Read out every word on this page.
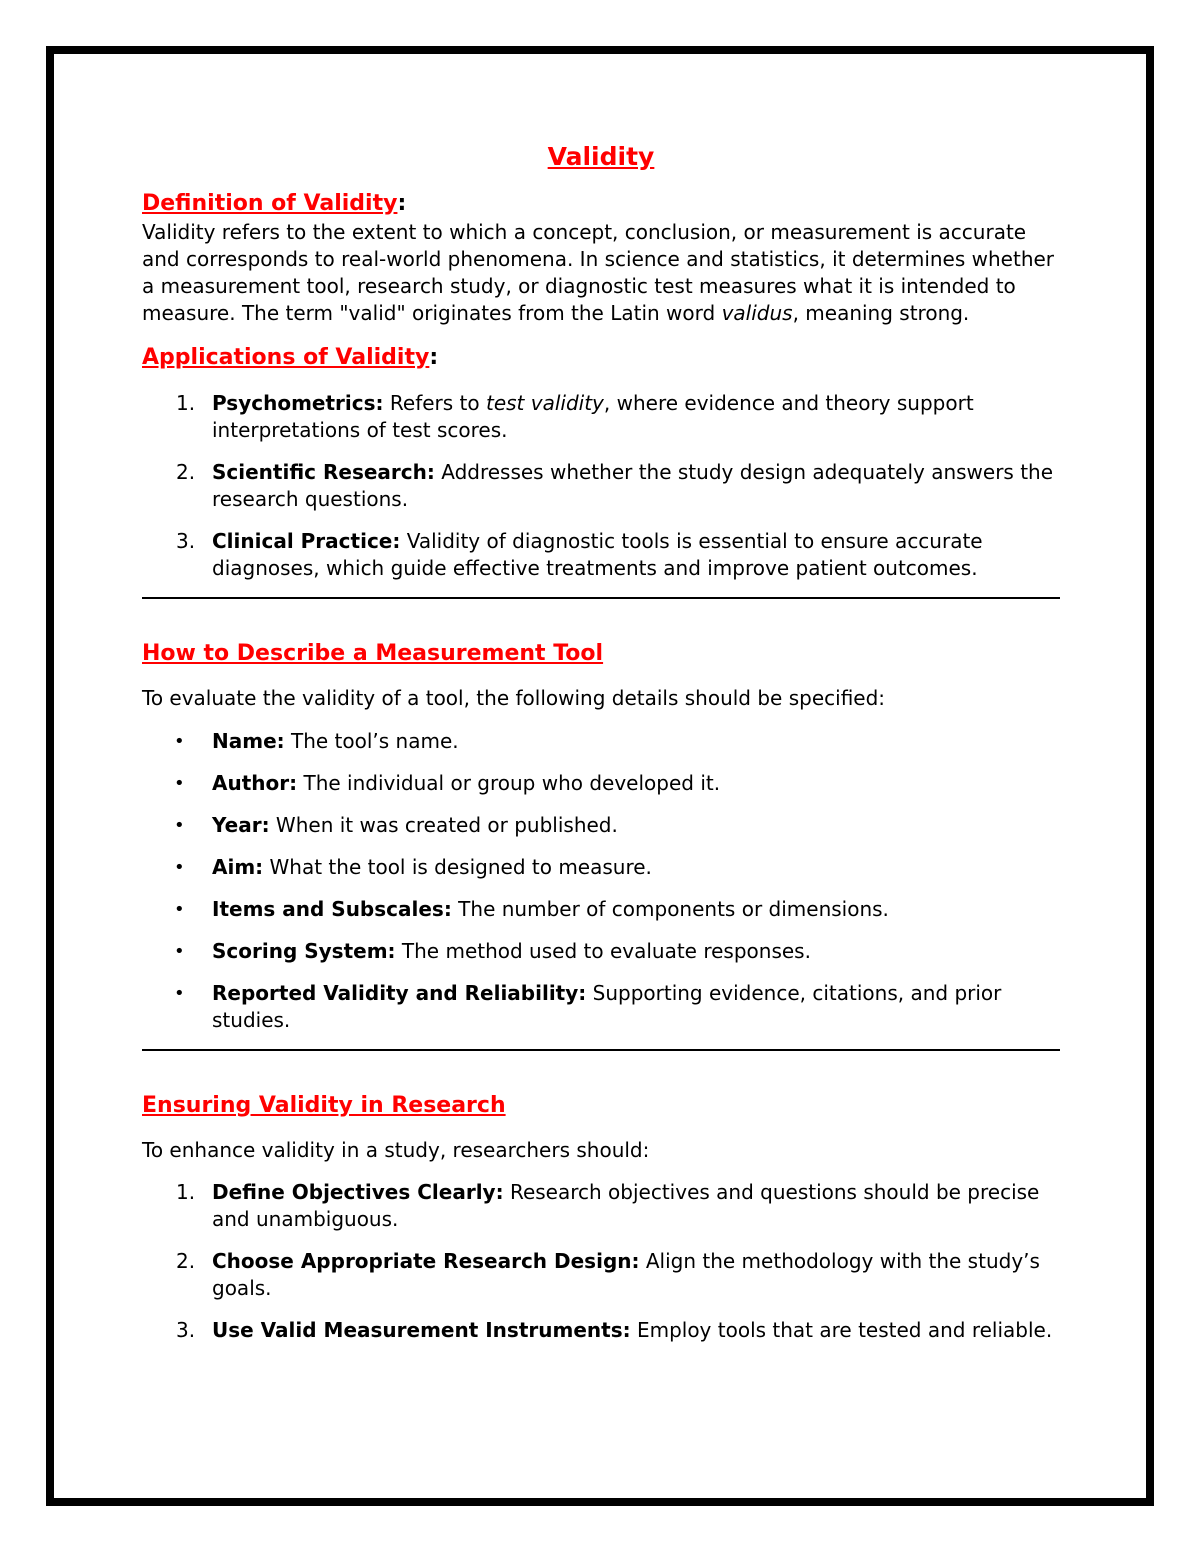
Validity
Definition of Validity:

Validity refers to the extent to which a concept, conclusion, or measurement is accurate and corresponds to real-world phenomena. In science and statistics, it determines whether a measurement tool, research study, or diagnostic test measures what it is intended to measure. The term "valid" originates from the Latin word validus, meaning strong.

Applications of Validity:
1. Psychometrics: Refers to test validity, where evidence and theory support interpretations of test scores.
2. Scientific Research: Addresses whether the study design adequately answers the research questions.
3. Clinical Practice: Validity of diagnostic tools is essential to ensure accurate diagnoses, which guide effective treatments and improve patient outcomes.
How to Describe a Measurement Tool

To evaluate the validity of a tool, the following details should be specified:

• Name: The tool’s name.
• Author: The individual or group who developed it.
• Year: When it was created or published.
• Aim: What the tool is designed to measure.
• Items and Subscales: The number of components or dimensions.
• Scoring System: The method used to evaluate responses.
• Reported Validity and Reliability: Supporting evidence, citations, and prior studies.
Ensuring Validity in Research

To enhance validity in a study, researchers should:

1. Define Objectives Clearly: Research objectives and questions should be precise and unambiguous.
2. Choose Appropriate Research Design: Align the methodology with the study’s goals.
3. Use Valid Measurement Instruments: Employ tools that are tested and reliable.
